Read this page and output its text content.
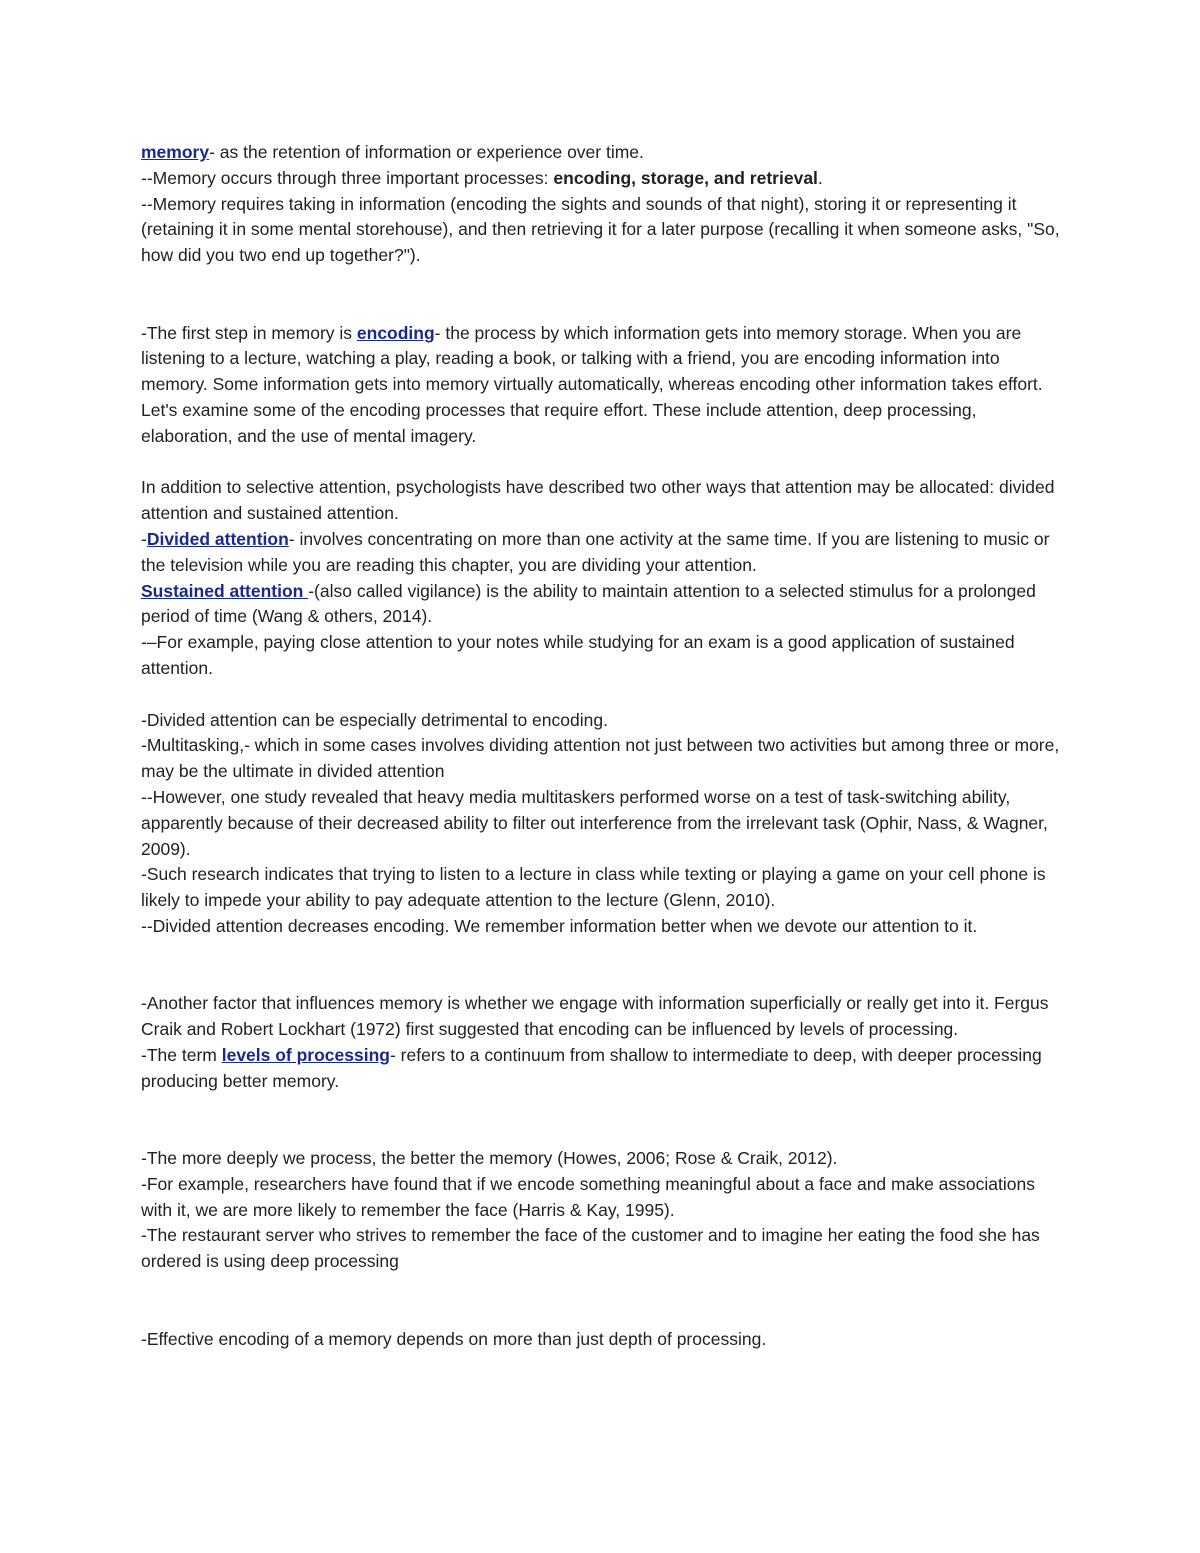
memory- as the retention of information or experience over time.

--Memory occurs through three important processes: encoding, storage, and retrieval.

--Memory requires taking in information (encoding the sights and sounds of that night), storing it or representing it (retaining it in some mental storehouse), and then retrieving it for a later purpose (recalling it when someone asks, "So, how did you two end up together?").

-The first step in memory is encoding- the process by which information gets into memory storage. When you are listening to a lecture, watching a play, reading a book, or talking with a friend, you are encoding information into memory. Some information gets into memory virtually automatically, whereas encoding other information takes effort. Let's examine some of the encoding processes that require effort. These include attention, deep processing, elaboration, and the use of mental imagery.

In addition to selective attention, psychologists have described two other ways that attention may be allocated: divided attention and sustained attention.

-Divided attention- involves concentrating on more than one activity at the same time. If you are listening to music or the television while you are reading this chapter, you are dividing your attention.

Sustained attention -(also called vigilance) is the ability to maintain attention to a selected stimulus for a prolonged period of time (Wang & others, 2014).

-–For example, paying close attention to your notes while studying for an exam is a good application of sustained attention.

-Divided attention can be especially detrimental to encoding.

-Multitasking,- which in some cases involves dividing attention not just between two activities but among three or more, may be the ultimate in divided attention

--However, one study revealed that heavy media multitaskers performed worse on a test of task-switching ability, apparently because of their decreased ability to filter out interference from the irrelevant task (Ophir, Nass, & Wagner, 2009).

-Such research indicates that trying to listen to a lecture in class while texting or playing a game on your cell phone is likely to impede your ability to pay adequate attention to the lecture (Glenn, 2010).

--Divided attention decreases encoding. We remember information better when we devote our attention to it.

-Another factor that influences memory is whether we engage with information superficially or really get into it. Fergus Craik and Robert Lockhart (1972) first suggested that encoding can be influenced by levels of processing.

-The term levels of processing- refers to a continuum from shallow to intermediate to deep, with deeper processing producing better memory.

-The more deeply we process, the better the memory (Howes, 2006; Rose & Craik, 2012).

-For example, researchers have found that if we encode something meaningful about a face and make associations with it, we are more likely to remember the face (Harris & Kay, 1995).

-The restaurant server who strives to remember the face of the customer and to imagine her eating the food she has ordered is using deep processing

-Effective encoding of a memory depends on more than just depth of processing.
